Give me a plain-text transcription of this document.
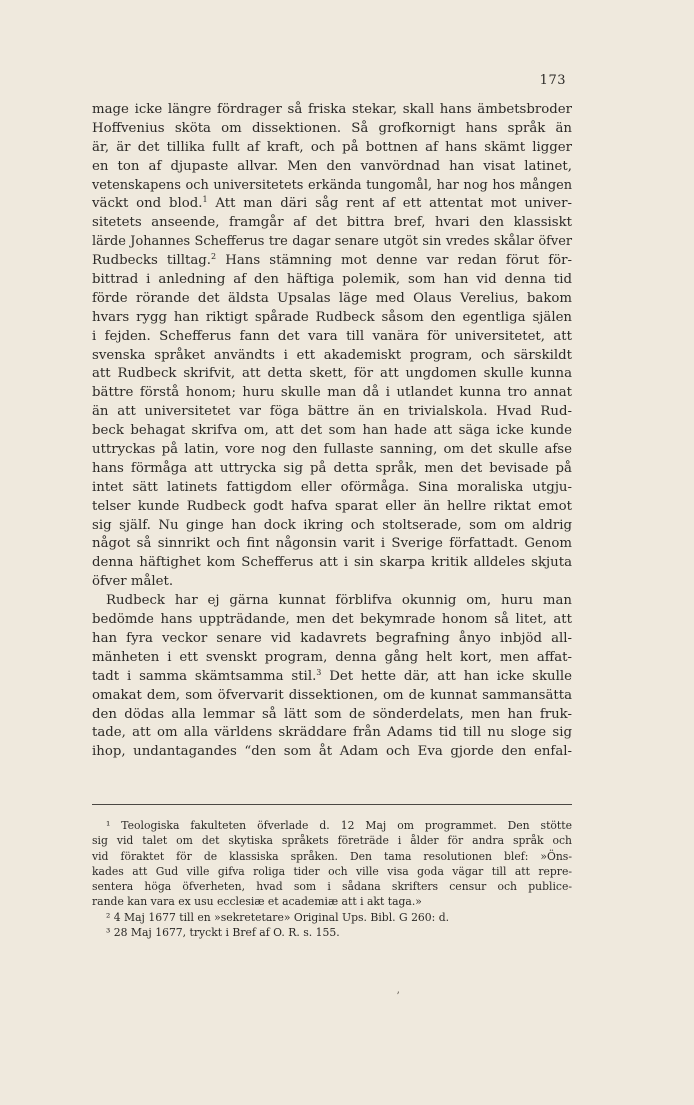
173
mage icke längre fördrager så friska stekar, skall hans ämbetsbroder
Hoffvenius sköta om dissektionen. Så grofkornigt hans språk än
är, är det tillika fullt af kraft, och på bottnen af hans skämt ligger
en ton af djupaste allvar. Men den vanvördnad han visat latinet,
vetenskapens och universitetets erkända tungomål, har nog hos mången
väckt ond blod.$^1$ Att man däri såg rent af ett attentat mot univer-
sitetets anseende, framgår af det bittra bref, hvari den klassiskt
lärde Johannes Schefferus tre dagar senare utgöt sin vredes skålar öfver
Rudbecks tilltag.$^2$ Hans stämning mot denne var redan förut för-
bittrad i anledning af den häftiga polemik, som han vid denna tid
förde rörande det äldsta Upsalas läge med Olaus Verelius, bakom
hvars rygg han riktigt spårade Rudbeck såsom den egentliga själen
i fejden. Schefferus fann det vara till vanära för universitetet, att
svenska språket användts i ett akademiskt program, och särskildt
att Rudbeck skrifvit, att detta skett, för att ungdomen skulle kunna
bättre förstå honom; huru skulle man då i utlandet kunna tro annat
än att universitetet var föga bättre än en trivialskola. Hvad Rud-
beck behagat skrifva om, att det som han hade att säga icke kunde
uttryckas på latin, vore nog den fullaste sanning, om det skulle afse
hans förmåga att uttrycka sig på detta språk, men det bevisade på
intet sätt latinets fattigdom eller oförmåga. Sina moraliska utgju-
telser kunde Rudbeck godt hafva sparat eller än hellre riktat emot
sig själf. Nu ginge han dock ikring och stoltserade, som om aldrig
något så sinnrikt och fint någonsin varit i Sverige författadt. Genom
denna häftighet kom Schefferus att i sin skarpa kritik alldeles skjuta
öfver målet.
Rudbeck har ej gärna kunnat förblifva okunnig om, huru man
bedömde hans uppträdande, men det bekymrade honom så litet, att
han fyra veckor senare vid kadavrets begrafning ånyo inbjöd all-
mänheten i ett svenskt program, denna gång helt kort, men affat-
tadt i samma skämtsamma stil.$^3$ Det hette där, att han icke skulle
omakat dem, som öfvervarit dissektionen, om de kunnat sammansätta
den dödas alla lemmar så lätt som de sönderdelats, men han fruk-
tade, att om alla världens skräddare från Adams tid till nu sloge sig
ihop, undantagandes “den som åt Adam och Eva gjorde den enfal-
¹ Teologiska fakulteten öfverlade d. 12 Maj om programmet. Den stötte
sig vid talet om det skytiska språkets företräde i ålder för andra språk och
vid föraktet för de klassiska språken. Den tama resolutionen blef: »Öns-
kades att Gud ville gifva roliga tider och ville visa goda vägar till att repre-
sentera höga öfverheten, hvad som i sådana skrifters censur och publice-
rande kan vara ex usu ecclesiæ et academiæ att i akt taga.»
² 4 Maj 1677 till en »sekretetare» Original Ups. Bibl. G 260: d.
³ 28 Maj 1677, tryckt i Bref af O. R. s. 155.
ʼ
